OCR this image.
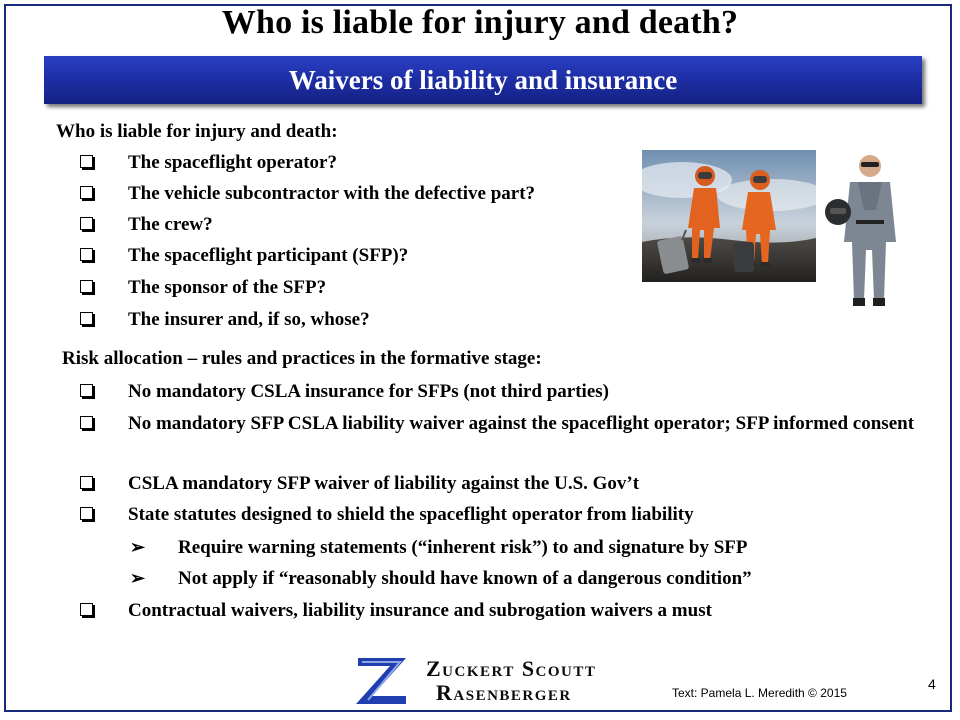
Who is liable for injury and death?
Waivers of liability and insurance
Who is liable for injury and death:
The spaceflight operator?
The vehicle subcontractor with the defective part?
The crew?
The spaceflight participant (SFP)?
The sponsor of the SFP?
The insurer and, if so, whose?
Risk allocation – rules and practices in the formative stage:
No mandatory CSLA insurance for SFPs (not third parties)
No mandatory SFP CSLA liability waiver against the spaceflight operator; SFP informed consent
CSLA mandatory SFP waiver of liability against the U.S. Gov’t
State statutes designed to shield the spaceflight operator from liability
➢ Require warning statements (“inherent risk”) to and signature by SFP
➢ Not apply if “reasonably should have known of a dangerous condition”
Contractual waivers, liability insurance and subrogation waivers a must
Zuckert Scoutt
Rasenberger	Text: Pamela L. Meredith © 2015
4
